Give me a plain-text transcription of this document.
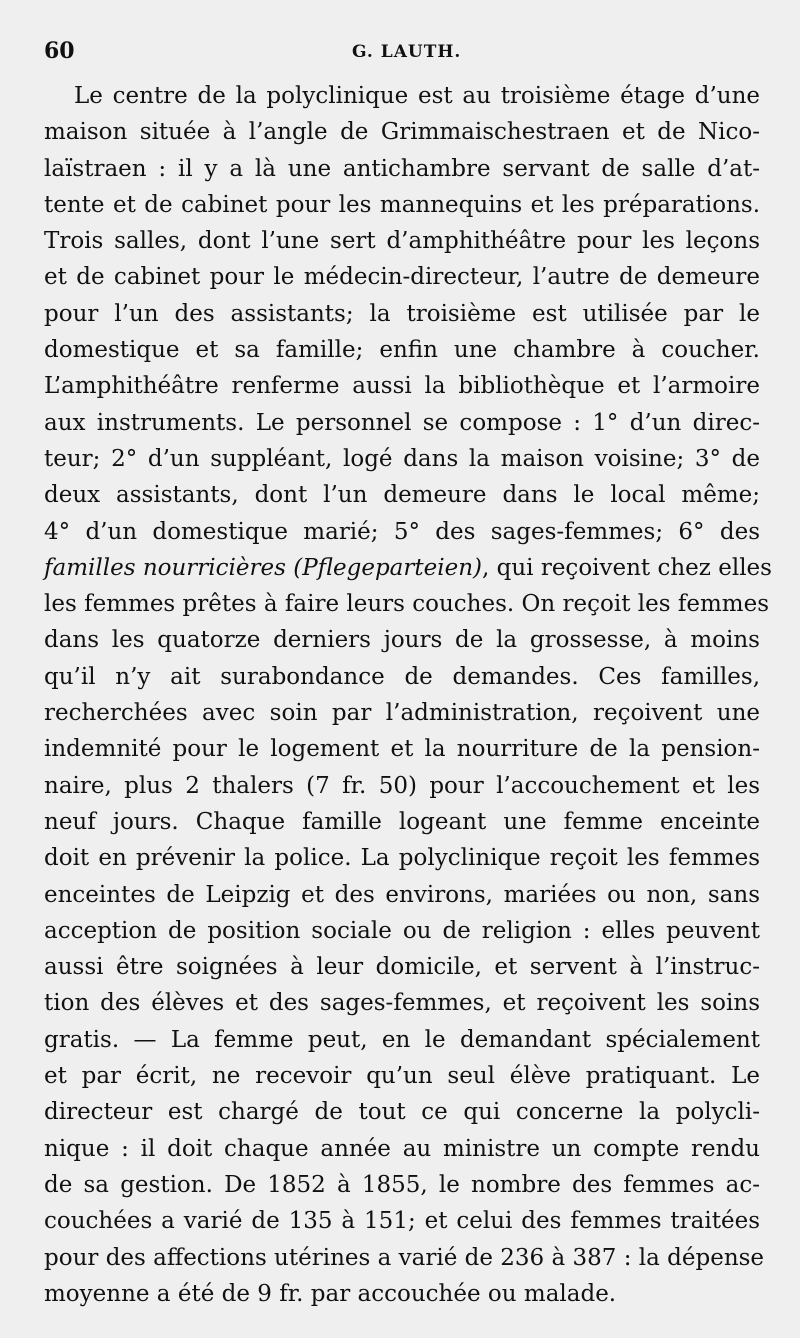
60	G. LAUTH.
Le centre de la polyclinique est au troisième étage d’une
maison située à l’angle de Grimmaischestraen et de Nico-
laïstraen : il y a là une antichambre servant de salle d’at-
tente et de cabinet pour les mannequins et les préparations.
Trois salles, dont l’une sert d’amphithéâtre pour les leçons
et de cabinet pour le médecin-directeur, l’autre de demeure
pour l’un des assistants; la troisième est utilisée par le
domestique et sa famille; enfin une chambre à coucher.
L’amphithéâtre renferme aussi la bibliothèque et l’armoire
aux instruments. Le personnel se compose : 1° d’un direc-
teur; 2° d’un suppléant, logé dans la maison voisine; 3° de
deux assistants, dont l’un demeure dans le local même;
4° d’un domestique marié; 5° des sages-femmes; 6° des
familles nourricières (Pflegeparteien), qui reçoivent chez elles
les femmes prêtes à faire leurs couches. On reçoit les femmes
dans les quatorze derniers jours de la grossesse, à moins
qu’il n’y ait surabondance de demandes. Ces familles,
recherchées avec soin par l’administration, reçoivent une
indemnité pour le logement et la nourriture de la pension-
naire, plus 2 thalers (7 fr. 50) pour l’accouchement et les
neuf jours. Chaque famille logeant une femme enceinte
doit en prévenir la police. La polyclinique reçoit les femmes
enceintes de Leipzig et des environs, mariées ou non, sans
acception de position sociale ou de religion : elles peuvent
aussi être soignées à leur domicile, et servent à l’instruc-
tion des élèves et des sages-femmes, et reçoivent les soins
gratis. — La femme peut, en le demandant spécialement
et par écrit, ne recevoir qu’un seul élève pratiquant. Le
directeur est chargé de tout ce qui concerne la polycli-
nique : il doit chaque année au ministre un compte rendu
de sa gestion. De 1852 à 1855, le nombre des femmes ac-
couchées a varié de 135 à 151; et celui des femmes traitées
pour des affections utérines a varié de 236 à 387 : la dépense
moyenne a été de 9 fr. par accouchée ou malade.
